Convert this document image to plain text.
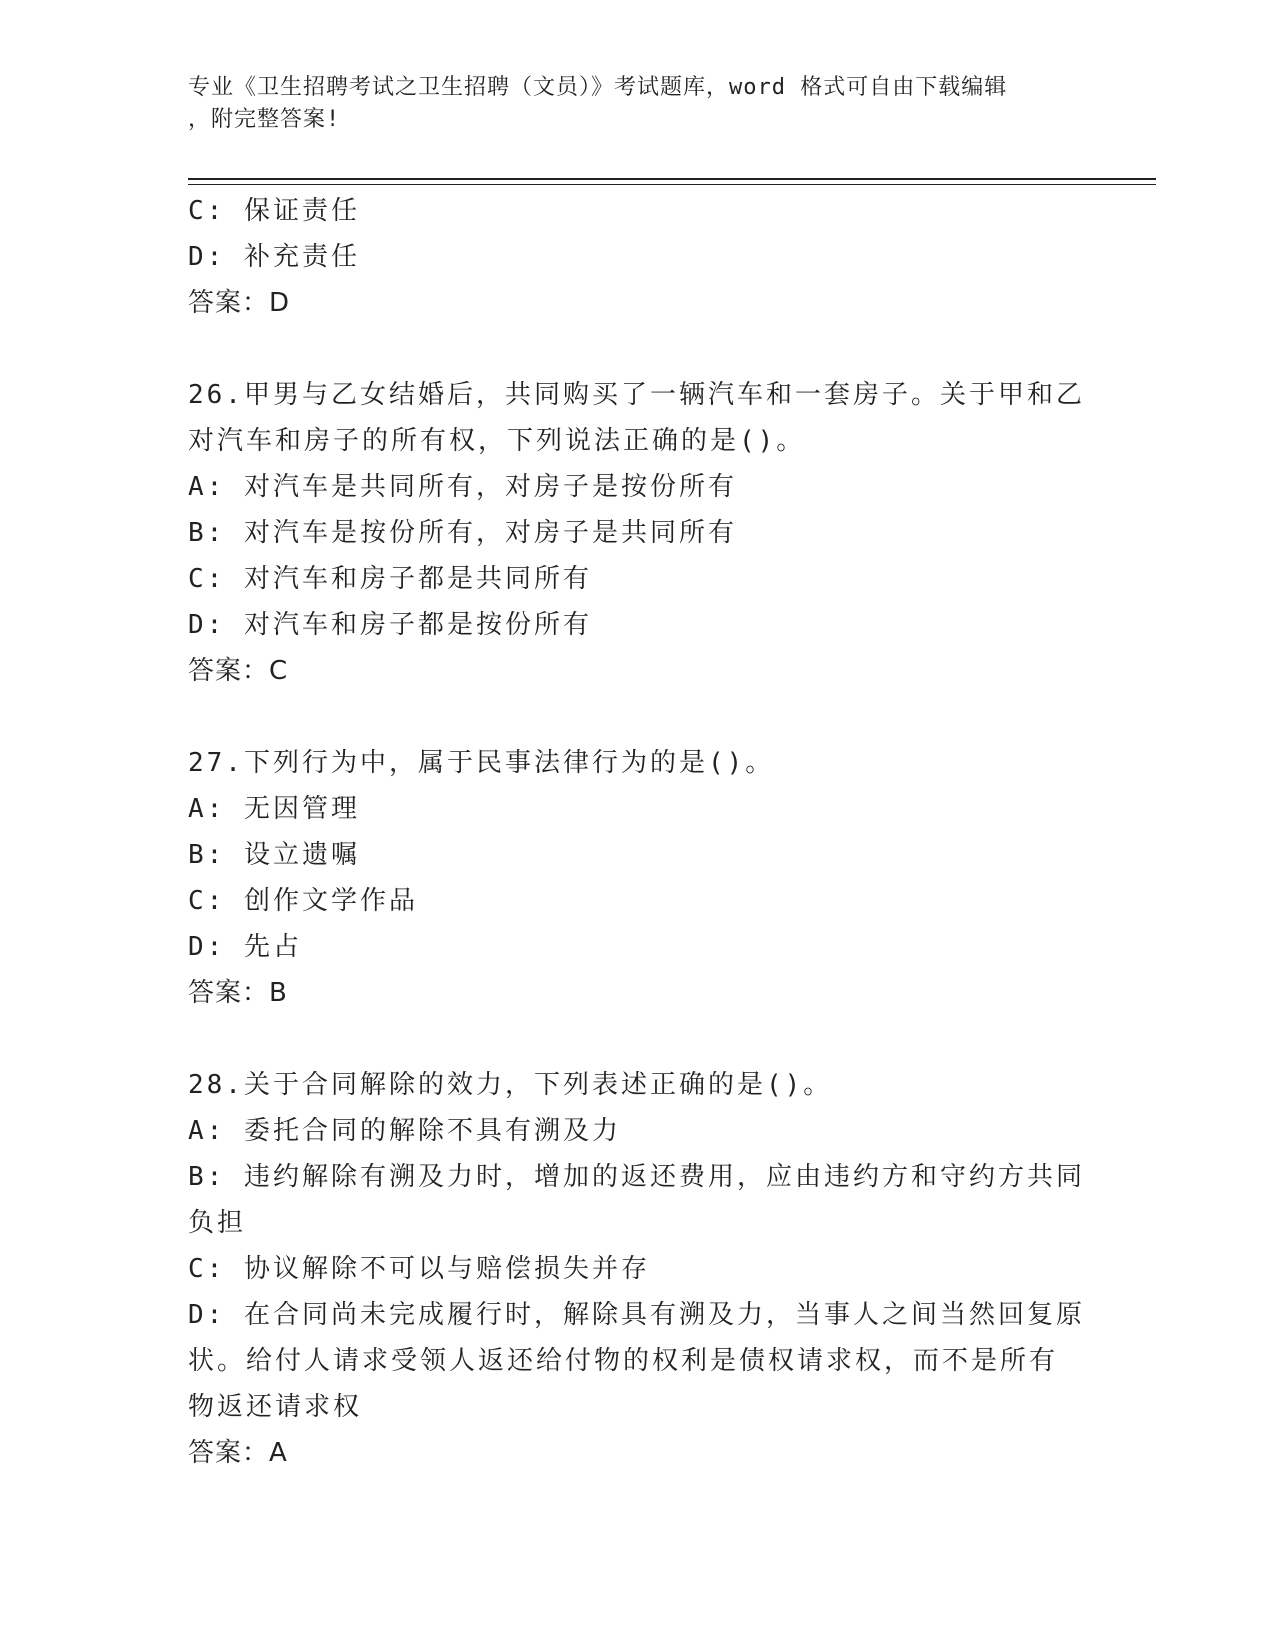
专业《卫生招聘考试之卫生招聘（文员）》考试题库，word 格式可自由下载编辑
，附完整答案!
C: 保证责任
D: 补充责任
答案：D
26.甲男与乙女结婚后，共同购买了一辆汽车和一套房子。关于甲和乙
对汽车和房子的所有权，下列说法正确的是()。
A: 对汽车是共同所有，对房子是按份所有
B: 对汽车是按份所有，对房子是共同所有
C: 对汽车和房子都是共同所有
D: 对汽车和房子都是按份所有
答案：C
27.下列行为中，属于民事法律行为的是()。
A: 无因管理
B: 设立遗嘱
C: 创作文学作品
D: 先占
答案：B
28.关于合同解除的效力，下列表述正确的是()。
A: 委托合同的解除不具有溯及力
B: 违约解除有溯及力时，增加的返还费用，应由违约方和守约方共同
负担
C: 协议解除不可以与赔偿损失并存
D: 在合同尚未完成履行时，解除具有溯及力，当事人之间当然回复原
状。给付人请求受领人返还给付物的权利是债权请求权，而不是所有
物返还请求权
答案：A
